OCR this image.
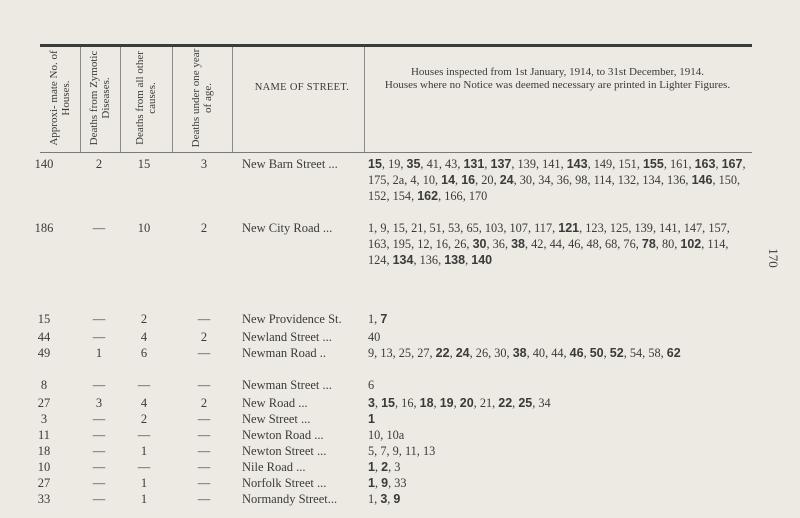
Approxi- mate No. of Houses.	Deaths from Zymotic Diseases.	Deaths from all other causes.	Deaths under one year of age.	NAME OF STREET.
Houses inspected from 1st January, 1914, to 31st December, 1914.
Houses where no Notice was deemed necessary are printed in Lighter Figures.
170
140	2	15	3	New Barn Street ...	15, 19, 35, 41, 43, 131, 137, 139, 141, 143, 149, 151, 155, 161, 163, 167, 175, 2a, 4, 10, 14, 16, 20, 24, 30, 34, 36, 98, 114, 132, 134, 136, 146, 150, 152, 154, 162, 166, 170
186	—	10	2	New City Road ...	1, 9, 15, 21, 51, 53, 65, 103, 107, 117, 121, 123, 125, 139, 141, 147, 157, 163, 195, 12, 16, 26, 30, 36, 38, 42, 44, 46, 48, 68, 76, 78, 80, 102, 114, 124, 134, 136, 138, 140
15	—	2	—	New Providence St.	1, 7
44	—	4	2	Newland Street ...	40
49	1	6	—	Newman Road ..	9, 13, 25, 27, 22, 24, 26, 30, 38, 40, 44, 46, 50, 52, 54, 58, 62
8	—	—	—	Newman Street ...	6
27	3	4	2	New Road ...	3, 15, 16, 18, 19, 20, 21, 22, 25, 34
3	—	2	—	New Street ...	1
11	—	—	—	Newton Road ...	10, 10a
18	—	1	—	Newton Street ...	5, 7, 9, 11, 13
10	—	—	—	Nile Road ...	1, 2, 3
27	—	1	—	Norfolk Street ...	1, 9, 33
33	—	1	—	Normandy Street...	1, 3, 9
